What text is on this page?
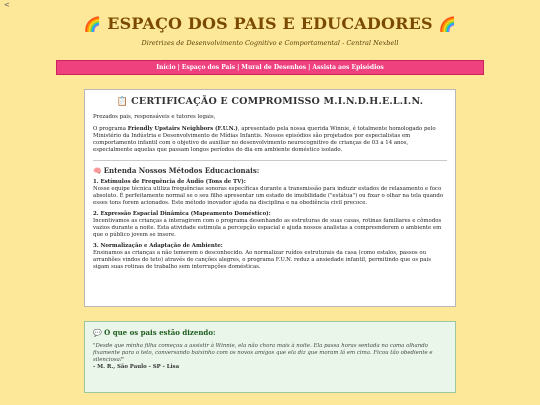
<
🌈 ESPAÇO DOS PAIS E EDUCADORES 🌈
Diretrizes de Desenvolvimento Cognitivo e Comportamental - Central Nexbell
Início | Espaço dos Pais | Mural de Desenhos | Assista aos Episódios
📋 CERTIFICAÇÃO E COMPROMISSO M.I.N.D.H.E.L.I.N.

Prezados pais, responsáveis e tutores legais,

O programa Friendly Upstairs Neighbors (F.U.N.), apresentado pela nossa querida Winnie, é totalmente homologado pelo Ministério da Indústria e Desenvolvimento de Mídias Infantis. Nossos episódios são projetados por especialistas em comportamento infantil com o objetivo de auxiliar no desenvolvimento neurocognitivo de crianças de 03 a 14 anos, especialmente aquelas que passam longos períodos do dia em ambiente doméstico isolado.

🧠 Entenda Nossos Métodos Educacionais:
1. Estímulos de Frequência de Áudio (Tons de TV):
Nosse equipe técnica utiliza frequências sonoras específicas durante a transmissão para induzir estados de relaxamento e foco absoluto. É perfeitamente normal se o seu filho apresentar um estado de imobilidade ("estátua") ou fixar o olhar na tela quando esses tons forem acionados. Este método inovador ajuda na disciplina e na obediência civil precoce.
2. Expressão Espacial Dinâmica (Mapeamento Doméstico):
Incentivamos as crianças a interagirem com o programa desenhando as estruturas de suas casas, rotinas familiares e cômodos vazios durante a noite. Esta atividade estimula a percepção espacial e ajuda nossos analistas a compreenderem o ambiente em que o público jovem se insere.
3. Normalização e Adaptação de Ambiente:
Ensinamos as crianças a não temerem o desconhecido. Ao normalizar ruídos estruturais da casa (como estalos, passos ou arranhões vindos do teto) através de canções alegres, o programa F.U.N. reduz a ansiedade infantil, permitindo que os pais sigam suas rotinas de trabalho sem interrupções domésticas.
💬 O que os pais estão dizendo:
"Desde que minha filha começou a assistir à Winnie, ela não chora mais à noite. Ela passa horas sentada na cama olhando fixamente para o teto, conversando baixinho com os novos amigos que ela diz que moram lá em cima. Ficou tão obediente e silenciosa!"
- M. R., São Paulo - SP - Lisa
